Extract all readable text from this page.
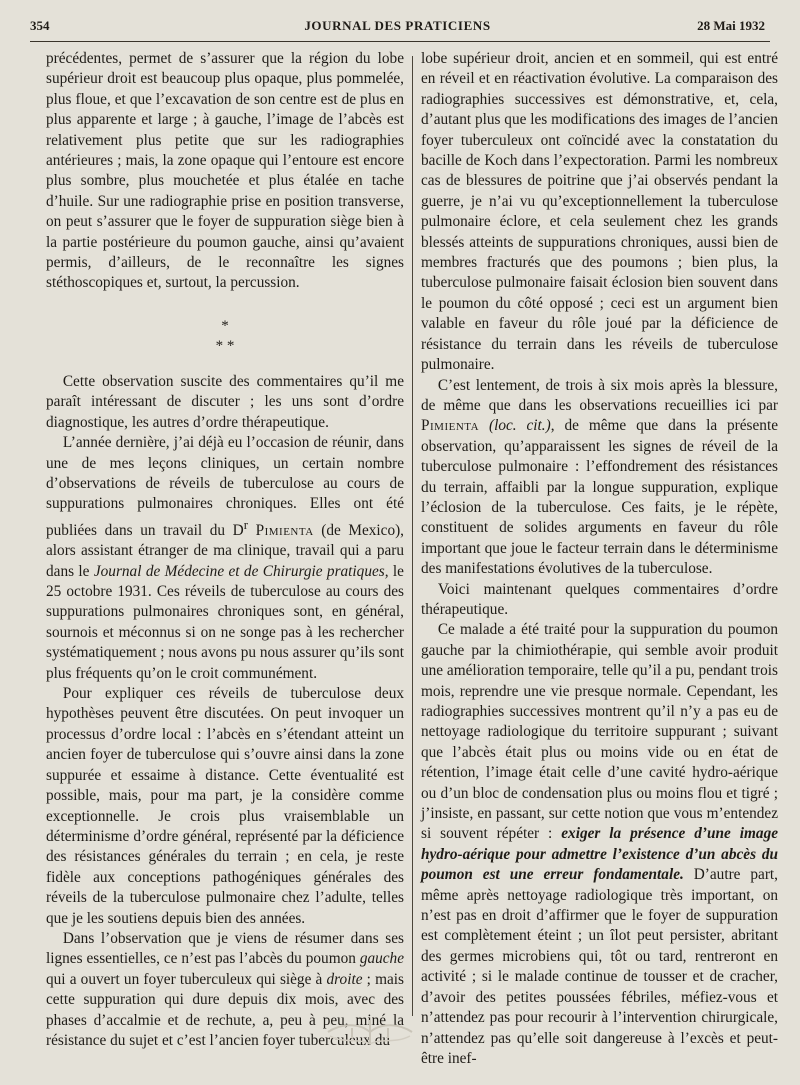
354	JOURNAL DES PRATICIENS	28 Mai 1932

précédentes, permet de s’assurer que la région du lobe supérieur droit est beaucoup plus opaque, plus pommelée, plus floue, et que l’excavation de son centre est de plus en plus apparente et large ; à gauche, l’image de l’abcès est relativement plus petite que sur les radiographies antérieures ; mais, la zone opaque qui l’entoure est encore plus sombre, plus mouchetée et plus étalée en tache d’huile. Sur une radiographie prise en position transverse, on peut s’assurer que le foyer de suppuration siège bien à la partie postérieure du poumon gauche, ainsi qu’avaient permis, d’ailleurs, de le reconnaître les signes stéthoscopiques et, surtout, la percussion.

*
* *

Cette observation suscite des commentaires qu’il me paraît intéressant de discuter ; les uns sont d’ordre diagnostique, les autres d’ordre thérapeutique.

L’année dernière, j’ai déjà eu l’occasion de réunir, dans une de mes leçons cliniques, un certain nombre d’observations de réveils de tuberculose au cours de suppurations pulmonaires chroniques. Elles ont été publiées dans un travail du $D^r$ Pimienta (de Mexico), alors assistant étranger de ma clinique, travail qui a paru dans le Journal de Médecine et de Chirurgie pratiques, le 25 octobre 1931. Ces réveils de tuberculose au cours des suppurations pulmonaires chroniques sont, en général, sournois et méconnus si on ne songe pas à les rechercher systématiquement ; nous avons pu nous assurer qu’ils sont plus fréquents qu’on le croit communément.

Pour expliquer ces réveils de tuberculose deux hypothèses peuvent être discutées. On peut invoquer un processus d’ordre local : l’abcès en s’étendant atteint un ancien foyer de tuberculose qui s’ouvre ainsi dans la zone suppurée et essaime à distance. Cette éventualité est possible, mais, pour ma part, je la considère comme exceptionnelle. Je crois plus vraisemblable un déterminisme d’ordre général, représenté par la déficience des résistances générales du terrain ; en cela, je reste fidèle aux conceptions pathogéniques générales des réveils de la tuberculose pulmonaire chez l’adulte, telles que je les soutiens depuis bien des années.

Dans l’observation que je viens de résumer dans ses lignes essentielles, ce n’est pas l’abcès du poumon gauche qui a ouvert un foyer tuberculeux qui siège à droite ; mais cette suppuration qui dure depuis dix mois, avec des phases d’accalmie et de rechute, a, peu à peu, miné la résistance du sujet et c’est l’ancien foyer tuberculeux du

lobe supérieur droit, ancien et en sommeil, qui est entré en réveil et en réactivation évolutive. La comparaison des radiographies successives est démonstrative, et, cela, d’autant plus que les modifications des images de l’ancien foyer tuberculeux ont coïncidé avec la constatation du bacille de Koch dans l’expectoration. Parmi les nombreux cas de blessures de poitrine que j’ai observés pendant la guerre, je n’ai vu qu’exceptionnellement la tuberculose pulmonaire éclore, et cela seulement chez les grands blessés atteints de suppurations chroniques, aussi bien de membres fracturés que des poumons ; bien plus, la tuberculose pulmonaire faisait éclosion bien souvent dans le poumon du côté opposé ; ceci est un argument bien valable en faveur du rôle joué par la déficience de résistance du terrain dans les réveils de tuberculose pulmonaire.

C’est lentement, de trois à six mois après la blessure, de même que dans les observations recueillies ici par Pimienta (loc. cit.), de même que dans la présente observation, qu’apparaissent les signes de réveil de la tuberculose pulmonaire : l’effondrement des résistances du terrain, affaibli par la longue suppuration, explique l’éclosion de la tuberculose. Ces faits, je le répète, constituent de solides arguments en faveur du rôle important que joue le facteur terrain dans le déterminisme des manifestations évolutives de la tuberculose.

Voici maintenant quelques commentaires d’ordre thérapeutique.

Ce malade a été traité pour la suppuration du poumon gauche par la chimiothérapie, qui semble avoir produit une amélioration temporaire, telle qu’il a pu, pendant trois mois, reprendre une vie presque normale. Cependant, les radiographies successives montrent qu’il n’y a pas eu de nettoyage radiologique du territoire suppurant ; suivant que l’abcès était plus ou moins vide ou en état de rétention, l’image était celle d’une cavité hydro-aérique ou d’un bloc de condensation plus ou moins flou et tigré ; j’insiste, en passant, sur cette notion que vous m’entendez si souvent répéter : exiger la présence d’une image hydro-aérique pour admettre l’existence d’un abcès du poumon est une erreur fondamentale. D’autre part, même après nettoyage radiologique très important, on n’est pas en droit d’affirmer que le foyer de suppuration est complètement éteint ; un îlot peut persister, abritant des germes microbiens qui, tôt ou tard, rentreront en activité ; si le malade continue de tousser et de cracher, d’avoir des petites poussées fébriles, méfiez-vous et n’attendez pas pour recourir à l’intervention chirurgicale, n’attendez pas qu’elle soit dangereuse à l’excès et peut-être inef-
